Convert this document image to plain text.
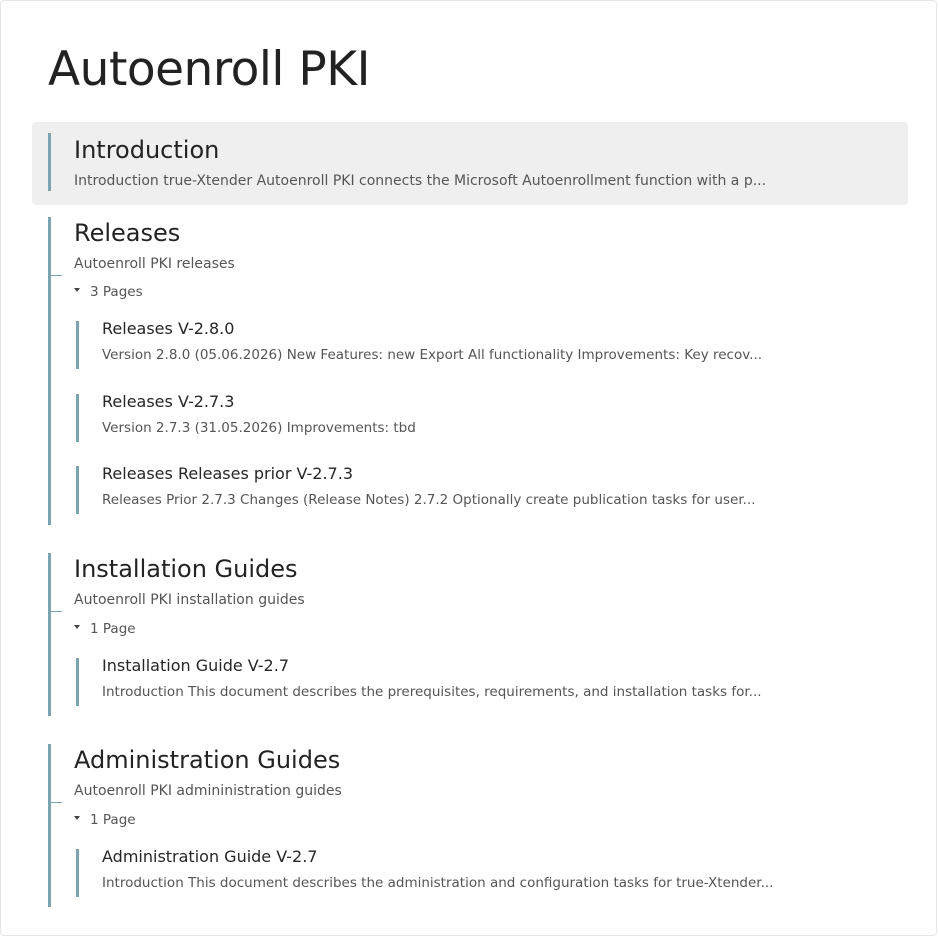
Autoenroll PKI
Introduction
Introduction true-Xtender Autoenroll PKI connects the Microsoft Autoenrollment function with a p...
Releases
Autoenroll PKI releases
3 Pages
Releases V-2.8.0
Version 2.8.0 (05.06.2026) New Features: new Export All functionality Improvements: Key recov...
Releases V-2.7.3
Version 2.7.3 (31.05.2026) Improvements: tbd
Releases Releases prior V-2.7.3
Releases Prior 2.7.3 Changes (Release Notes) 2.7.2 Optionally create publication tasks for user...
Installation Guides
Autoenroll PKI installation guides
1 Page
Installation Guide V-2.7
Introduction This document describes the prerequisites, requirements, and installation tasks for...
Administration Guides
Autoenroll PKI admininistration guides
1 Page
Administration Guide V-2.7
Introduction This document describes the administration and configuration tasks for true-Xtender...
